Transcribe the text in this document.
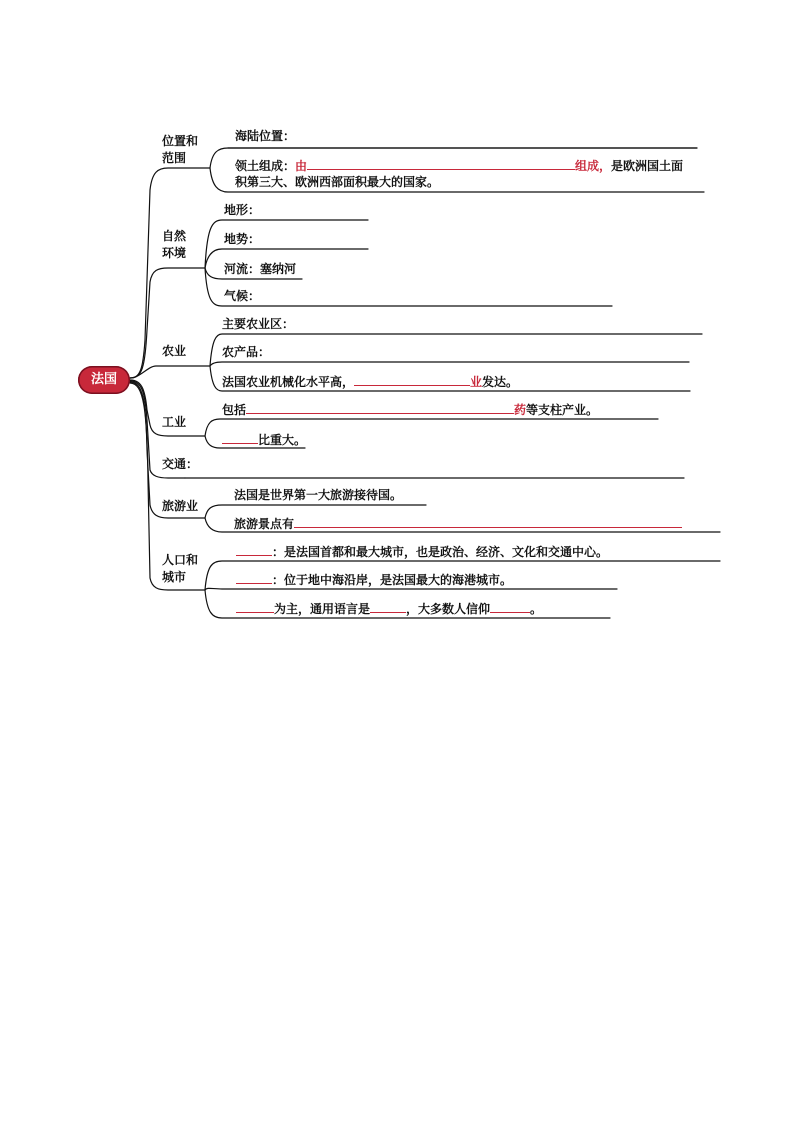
法国
位置和
范围
自然
环境
农业
工业
交通：
旅游业
人口和
城市
海陆位置：
领土组成：由	组成，是欧洲国土面
积第三大、欧洲西部面积最大的国家。
地形：
地势：
河流：塞纳河
气候：
主要农业区：
农产品：
法国农业机械化水平高，	业发达。
包括	药等支柱产业。
比重大。
法国是世界第一大旅游接待国。
旅游景点有
：是法国首都和最大城市，也是政治、经济、文化和交通中心。
：位于地中海沿岸，是法国最大的海港城市。
为主，通用语言是	，大多数人信仰	。
